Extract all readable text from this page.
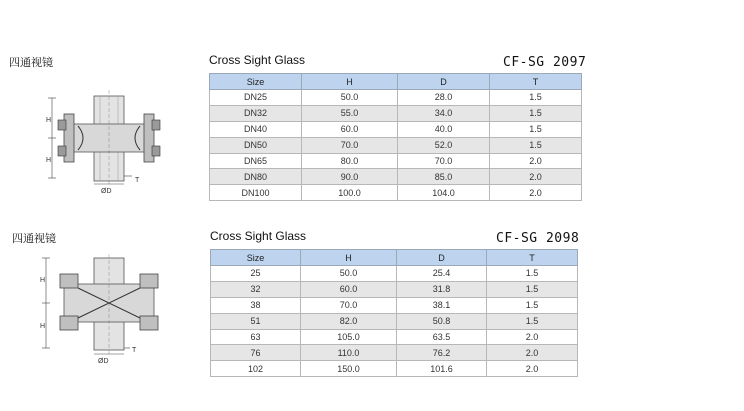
四通视镜
H
H
ØD
T
Cross Sight Glass	CF-SG 2097
Size	H	D	T
DN25	50.0	28.0	1.5
DN32	55.0	34.0	1.5
DN40	60.0	40.0	1.5
DN50	70.0	52.0	1.5
DN65	80.0	70.0	2.0
DN80	90.0	85.0	2.0
DN100	100.0	104.0	2.0
四通视镜
H
H
ØD
T
Cross Sight Glass	CF-SG 2098
Size	H	D	T
25	50.0	25.4	1.5
32	60.0	31.8	1.5
38	70.0	38.1	1.5
51	82.0	50.8	1.5
63	105.0	63.5	2.0
76	110.0	76.2	2.0
102	150.0	101.6	2.0
